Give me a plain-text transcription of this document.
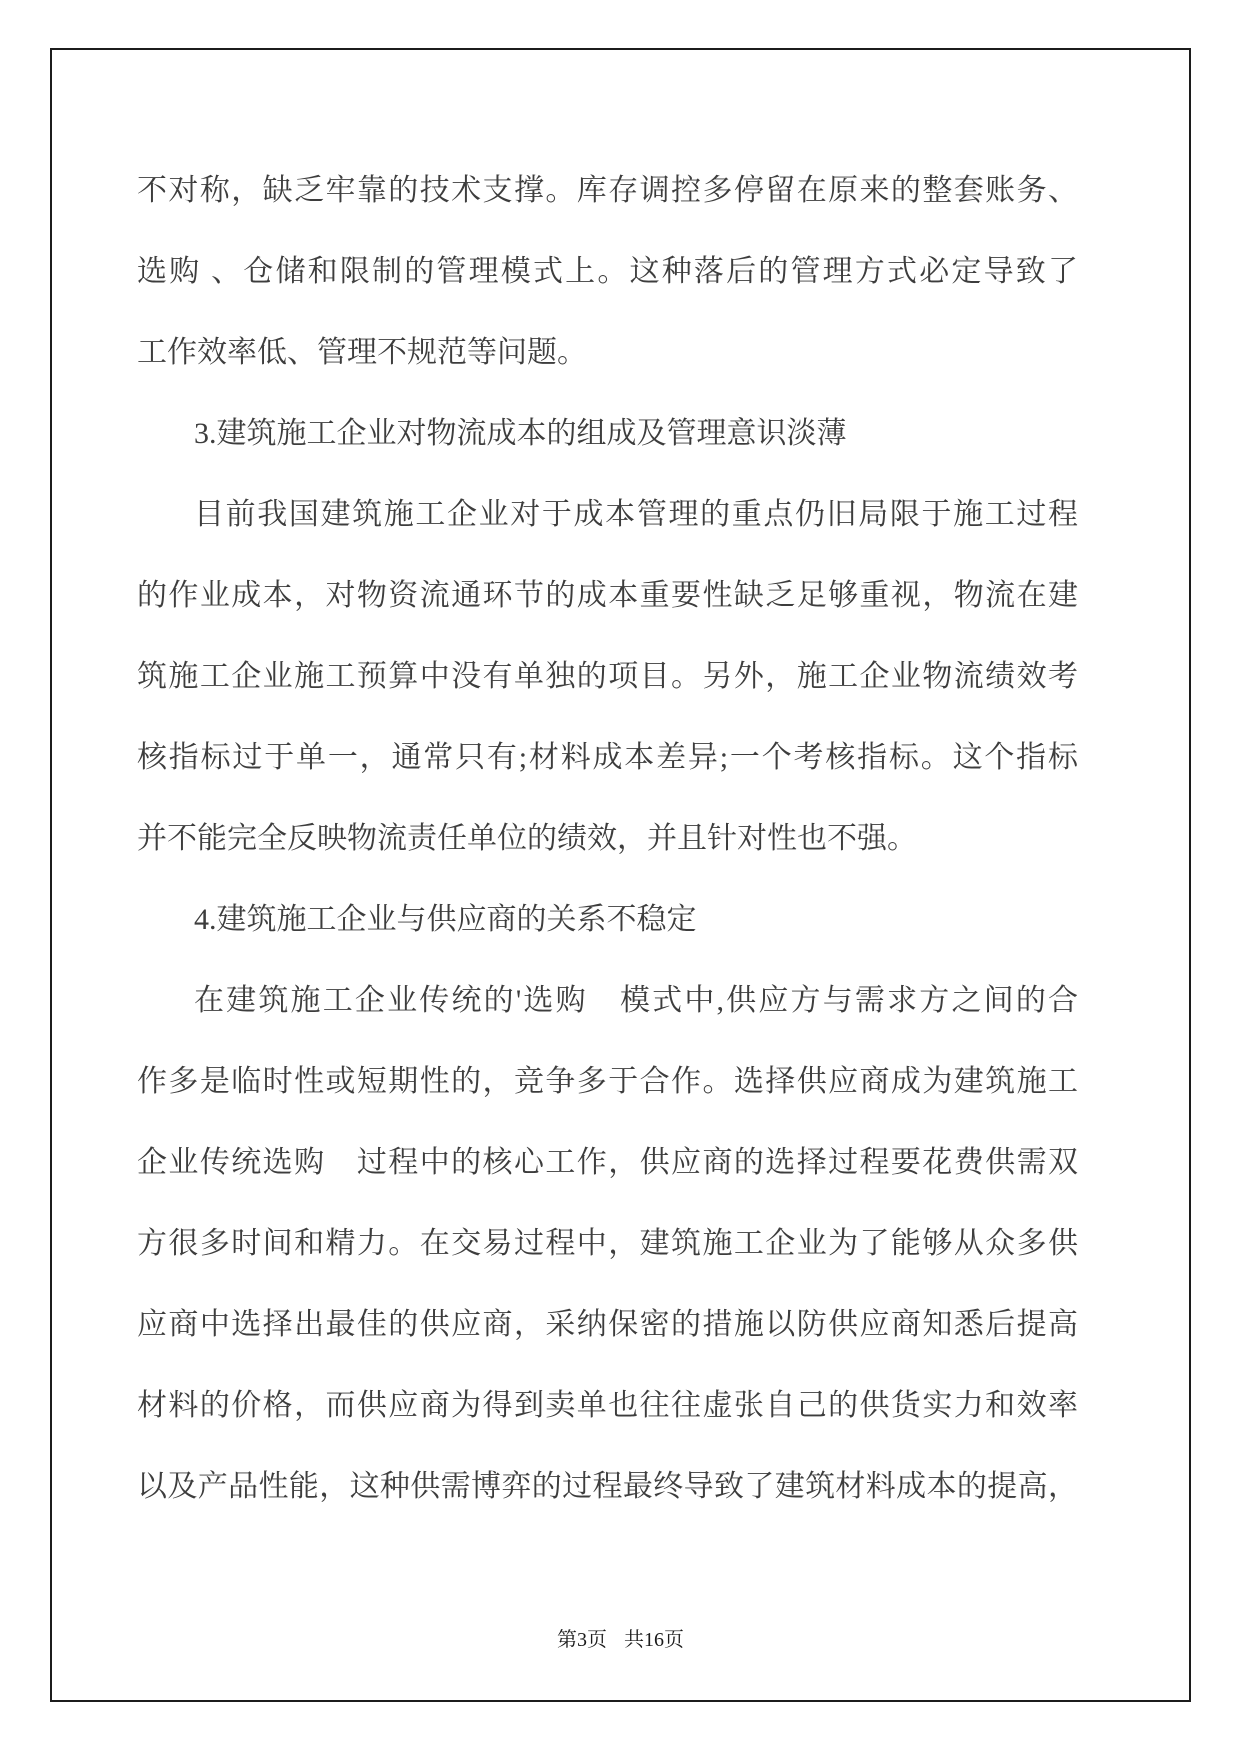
不对称，缺乏牢靠的技术支撑。库存调控多停留在原来的整套账务、
选购 、仓储和限制的管理模式上。这种落后的管理方式必定导致了
工作效率低、管理不规范等问题。
3.建筑施工企业对物流成本的组成及管理意识淡薄
目前我国建筑施工企业对于成本管理的重点仍旧局限于施工过程
的作业成本，对物资流通环节的成本重要性缺乏足够重视，物流在建
筑施工企业施工预算中没有单独的项目。另外，施工企业物流绩效考
核指标过于单一，通常只有;材料成本差异;一个考核指标。这个指标
并不能完全反映物流责任单位的绩效，并且针对性也不强。
4.建筑施工企业与供应商的关系不稳定
在建筑施工企业传统的'选购　模式中,供应方与需求方之间的合
作多是临时性或短期性的，竞争多于合作。选择供应商成为建筑施工
企业传统选购　过程中的核心工作，供应商的选择过程要花费供需双
方很多时间和精力。在交易过程中，建筑施工企业为了能够从众多供
应商中选择出最佳的供应商，采纳保密的措施以防供应商知悉后提高
材料的价格，而供应商为得到卖单也往往虚张自己的供货实力和效率
以及产品性能，这种供需博弈的过程最终导致了建筑材料成本的提高，
第3页 共16页
